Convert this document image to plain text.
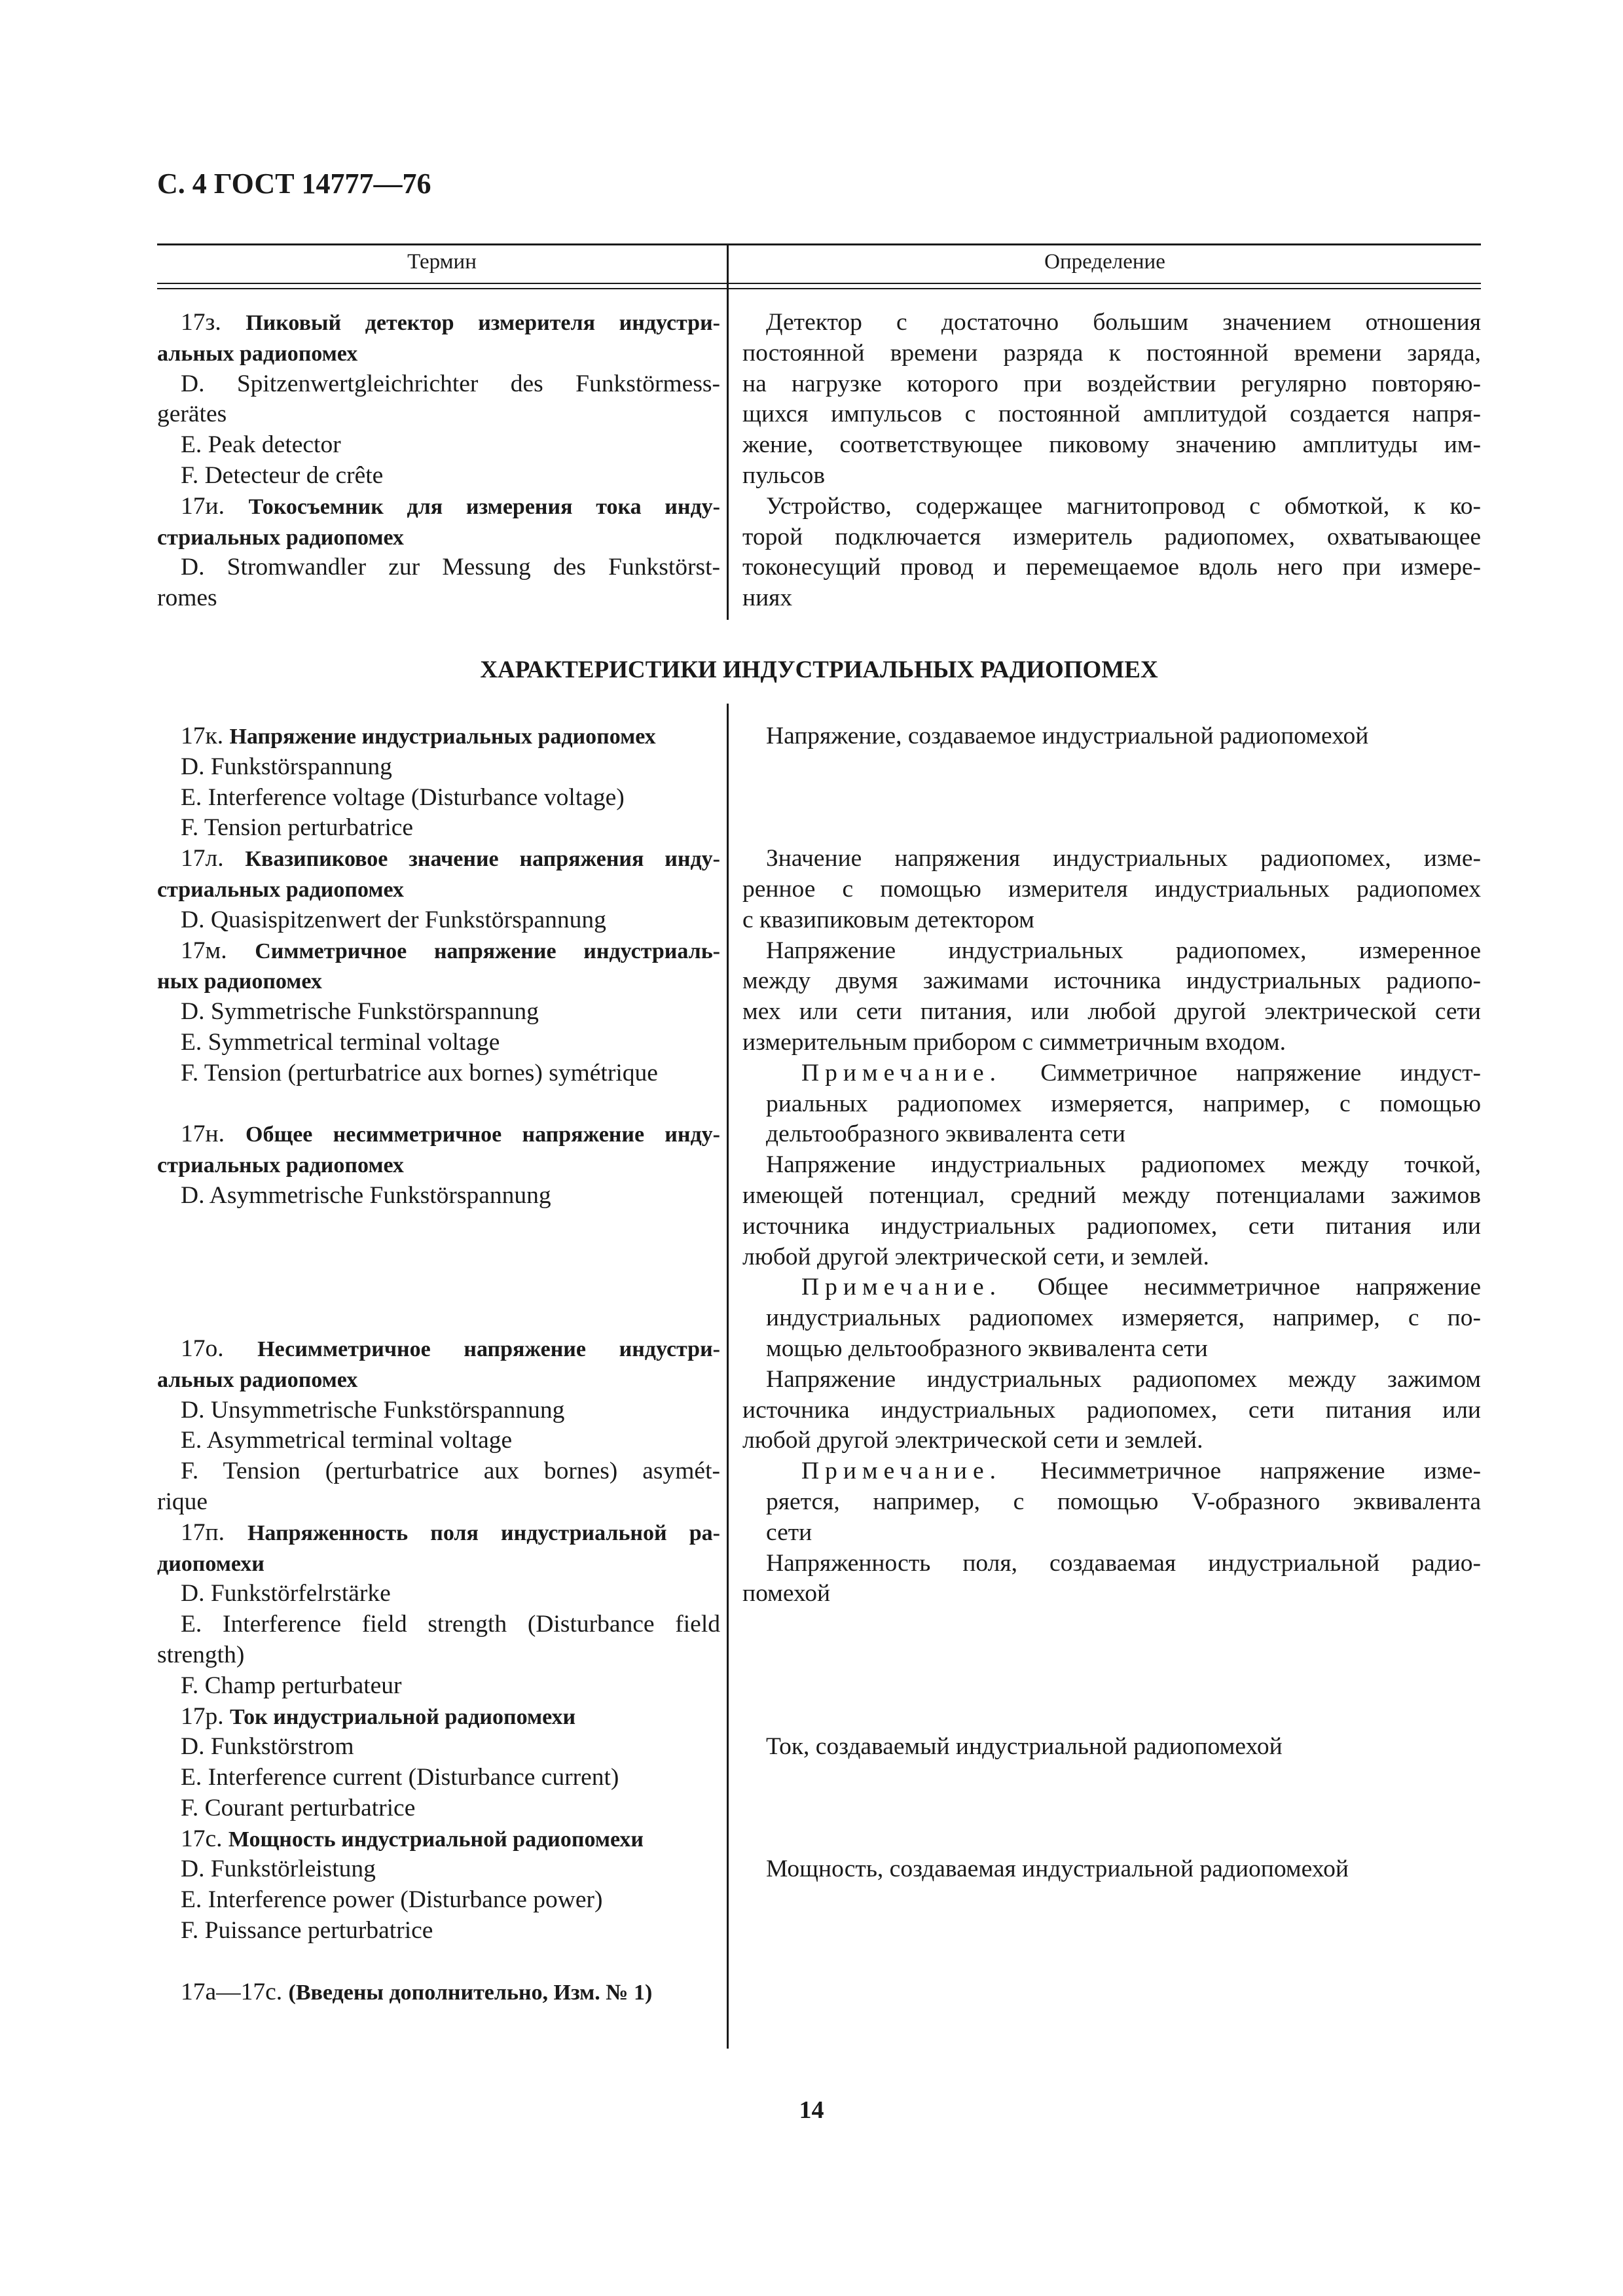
С. 4 ГОСТ 14777—76
Термин	Определение
17з. Пиковый детектор измерителя индустри-
альных радиопомех
D. Spitzenwertgleichrichter des Funkstörmess-
gerätes
E. Peak detector
F. Detecteur de crête
17и. Токосъемник для измерения тока инду-
стриальных радиопомех
D. Stromwandler zur Messung des Funkstörst-
romes
Детектор с достаточно большим значением отношения
постоянной времени разряда к постоянной времени заряда,
на нагрузке которого при воздействии регулярно повторяю-
щихся импульсов с постоянной амплитудой создается напря-
жение, соответствующее пиковому значению амплитуды им-
пульсов
Устройство, содержащее магнитопровод с обмоткой, к ко-
торой подключается измеритель радиопомех, охватывающее
токонесущий провод и перемещаемое вдоль него при измере-
ниях
ХАРАКТЕРИСТИКИ ИНДУСТРИАЛЬНЫХ РАДИОПОМЕХ
17к. Напряжение индустриальных радиопомех
D. Funkstörspannung
E. Interference voltage (Disturbance voltage)
F. Tension perturbatrice
17л. Квазипиковое значение напряжения инду-
стриальных радиопомех
D. Quasispitzenwert der Funkstörspannung
17м. Симметричное напряжение индустриаль-
ных радиопомех
D. Symmetrische Funkstörspannung
E. Symmetrical terminal voltage
F. Tension (perturbatrice aux bornes) symétrique
17н. Общее несимметричное напряжение инду-
стриальных радиопомех
D. Asymmetrische Funkstörspannung
17о. Несимметричное напряжение индустри-
альных радиопомех
D. Unsymmetrische Funkstörspannung
E. Asymmetrical terminal voltage
F. Tension (perturbatrice aux bornes) asymét-
rique
17п. Напряженность поля индустриальной ра-
диопомехи
D. Funkstörfelrstärke
E. Interference field strength (Disturbance field
strength)
F. Champ perturbateur
17р. Ток индустриальной радиопомехи
D. Funkstörstrom
E. Interference current (Disturbance current)
F. Courant perturbatrice
17с. Мощность индустриальной радиопомехи
D. Funkstörleistung
E. Interference power (Disturbance power)
F. Puissance perturbatrice
17а—17с. (Введены дополнительно, Изм. № 1)
Напряжение, создаваемое индустриальной радиопомехой
Значение напряжения индустриальных радиопомех, изме-
ренное с помощью измерителя индустриальных радиопомех
с квазипиковым детектором
Напряжение индустриальных радиопомех, измеренное
между двумя зажимами источника индустриальных радиопо-
мех или сети питания, или любой другой электрической сети
измерительным прибором с симметричным входом.
Примечание. Симметричное напряжение индуст-
риальных радиопомех измеряется, например, с помощью
дельтообразного эквивалента сети
Напряжение индустриальных радиопомех между точкой,
имеющей потенциал, средний между потенциалами зажимов
источника индустриальных радиопомех, сети питания или
любой другой электрической сети, и землей.
Примечание. Общее несимметричное напряжение
индустриальных радиопомех измеряется, например, с по-
мощью дельтообразного эквивалента сети
Напряжение индустриальных радиопомех между зажимом
источника индустриальных радиопомех, сети питания или
любой другой электрической сети и землей.
Примечание. Несимметричное напряжение изме-
ряется, например, с помощью V-образного эквивалента
сети
Напряженность поля, создаваемая индустриальной радио-
помехой
Ток, создаваемый индустриальной радиопомехой
Мощность, создаваемая индустриальной радиопомехой
14
